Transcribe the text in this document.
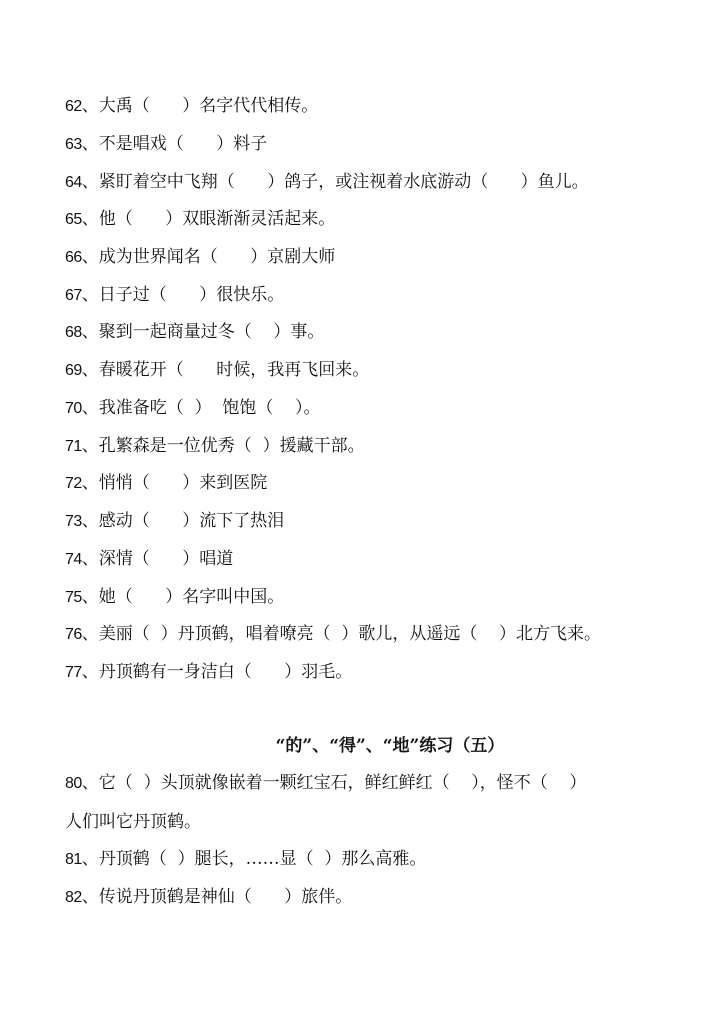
62、大禹（      ）名字代代相传。
63、不是唱戏（      ）料子
64、紧盯着空中飞翔（      ）鸽子，或注视着水底游动（      ）鱼儿。
65、他（      ）双眼渐渐灵活起来。
66、成为世界闻名（      ）京剧大师
67、日子过（      ）很快乐。
68、聚到一起商量过冬（    ）事。
69、春暖花开（      时候，我再飞回来。
70、我准备吃（  ）  饱饱（    ）。
71、孔繁森是一位优秀（  ）援藏干部。
72、悄悄（      ）来到医院
73、感动（      ）流下了热泪
74、深情（      ）唱道
75、她（      ）名字叫中国。
76、美丽（  ）丹顶鹤，唱着嘹亮（  ）歌儿，从遥远（    ）北方飞来。
77、丹顶鹤有一身洁白（      ）羽毛。
“的”、“得”、“地”练习（五）
80、它（  ）头顶就像嵌着一颗红宝石，鲜红鲜红（    ），怪不（    ）
人们叫它丹顶鹤。
81、丹顶鹤（  ）腿长，……显（  ）那么高雅。
82、传说丹顶鹤是神仙（      ）旅伴。
